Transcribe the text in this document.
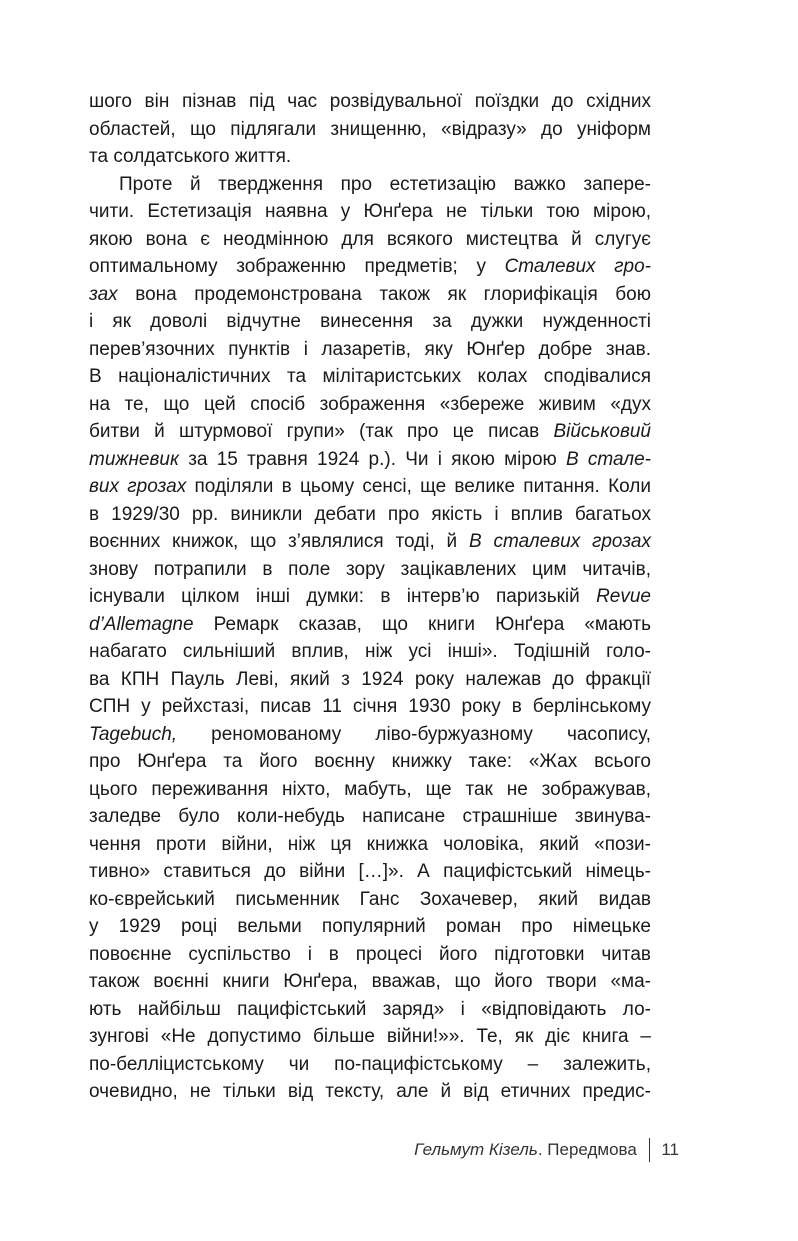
шого він пізнав під час розвідувальної поїздки до східних
областей, що підлягали знищенню, «відразу» до уніформ
та солдатського життя.
Проте й твердження про естетизацію важко запере-
чити. Естетизація наявна у Юнґера не тільки тою мірою,
якою вона є неодмінною для всякого мистецтва й слугує
оптимальному зображенню предметів; у Сталевих гро-
зах вона продемонстрована також як глорифікація бою
і як доволі відчутне винесення за дужки нужденності
перев’язочних пунктів і лазаретів, яку Юнґер добре знав.
В націоналістичних та мілітаристських колах сподівалися
на те, що цей спосіб зображення «збереже живим «дух
битви й штурмової групи» (так про це писав Військовий
тижневик за 15 травня 1924 р.). Чи і якою мірою В стале-
вих грозах поділяли в цьому сенсі, ще велике питання. Коли
в 1929/30 рр. виникли дебати про якість і вплив багатьох
воєнних книжок, що з’являлися тоді, й В сталевих грозах
знову потрапили в поле зору зацікавлених цим читачів,
існували цілком інші думки: в інтерв’ю паризькій Revue
d’Allemagne Ремарк сказав, що книги Юнґера «мають
набагато сильніший вплив, ніж усі інші». Тодішній голо-
ва КПН Пауль Леві, який з 1924 року належав до фракції
СПН у рейхстазі, писав 11 січня 1930 року в берлінському
Tagebuch, реномованому ліво-буржуазному часопису,
про Юнґера та його воєнну книжку таке: «Жах всього
цього переживання ніхто, мабуть, ще так не зображував,
заледве було коли-небудь написане страшніше звинува-
чення проти війни, ніж ця книжка чоловіка, який «пози-
тивно» ставиться до війни […]». А пацифістський німець-
ко-єврейський письменник Ганс Зохачевер, який видав
у 1929 році вельми популярний роман про німецьке
повоєнне суспільство і в процесі його підготовки читав
також воєнні книги Юнґера, вважав, що його твори «ма-
ють найбільш пацифістський заряд» і «відповідають ло-
зунгові «Не допустимо більше війни!»». Те, як діє книга –
по-белліцистському чи по-пацифістському – залежить,
очевидно, не тільки від тексту, але й від етичних предис-
Гельмут Кізель . Передмова 11
